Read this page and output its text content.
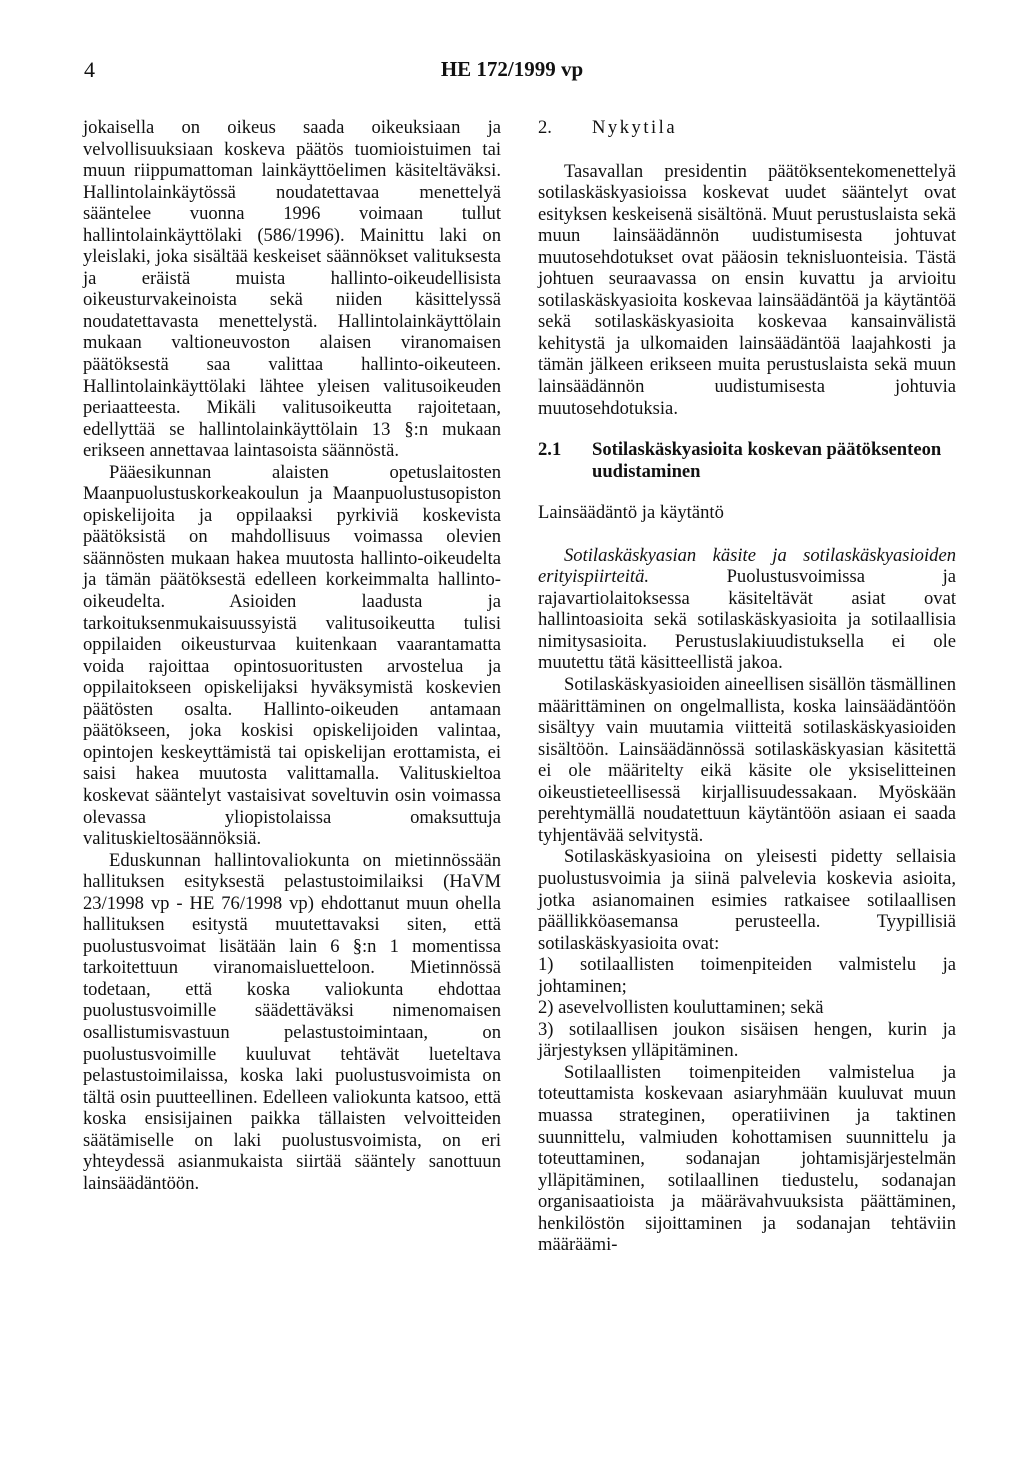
4	HE 172/1999 vp

jokaisella on oikeus saada oikeuksiaan ja velvollisuuksiaan koskeva päätös tuomioistuimen tai muun riippumattoman lainkäyttöelimen käsiteltäväksi. Hallintolainkäytössä noudatettavaa menettelyä sääntelee vuonna 1996 voimaan tullut hallintolainkäyttölaki (586/1996). Mainittu laki on yleislaki, joka sisältää keskeiset säännökset valituksesta ja eräistä muista hallinto-oikeudellisista oikeusturvakeinoista sekä niiden käsittelyssä noudatettavasta menettelystä. Hallintolainkäyttölain mukaan valtioneuvoston alaisen viranomaisen päätöksestä saa valittaa hallinto-oikeuteen. Hallintolainkäyttölaki lähtee yleisen valitusoikeuden periaatteesta. Mikäli valitusoikeutta rajoitetaan, edellyttää se hallintolainkäyttölain 13 §:n mukaan erikseen annettavaa laintasoista säännöstä.

Pääesikunnan alaisten opetuslaitosten Maanpuolustuskorkeakoulun ja Maanpuolustusopiston opiskelijoita ja oppilaaksi pyrkiviä koskevista päätöksistä on mahdollisuus voimassa olevien säännösten mukaan hakea muutosta hallinto-oikeudelta ja tämän päätöksestä edelleen korkeimmalta hallinto-oikeudelta. Asioiden laadusta ja tarkoituksenmukaisuussyistä valitusoikeutta tulisi oppilaiden oikeusturvaa kuitenkaan vaarantamatta voida rajoittaa opintosuoritusten arvostelua ja oppilaitokseen opiskelijaksi hyväksymistä koskevien päätösten osalta. Hallinto-oikeuden antamaan päätökseen, joka koskisi opiskelijoiden valintaa, opintojen keskeyttämistä tai opiskelijan erottamista, ei saisi hakea muutosta valittamalla. Valituskieltoa koskevat sääntelyt vastaisivat soveltuvin osin voimassa olevassa yliopistolaissa omaksuttuja valituskieltosäännöksiä.

Eduskunnan hallintovaliokunta on mietinnössään hallituksen esityksestä pelastustoimilaiksi (HaVM 23/1998 vp - HE 76/1998 vp) ehdottanut muun ohella hallituksen esitystä muutettavaksi siten, että puolustusvoimat lisätään lain 6 §:n 1 momentissa tarkoitettuun viranomaisluetteloon. Mietinnössä todetaan, että koska valiokunta ehdottaa puolustusvoimille säädettäväksi nimenomaisen osallistumisvastuun pelastustoimintaan, on puolustusvoimille kuuluvat tehtävät lueteltava pelastustoimilaissa, koska laki puolustusvoimista on tältä osin puutteellinen. Edelleen valiokunta katsoo, että koska ensisijainen paikka tällaisten velvoitteiden säätämiselle on laki puolustusvoimista, on eri yhteydessä asianmukaista siirtää sääntely sanottuun lainsäädäntöön.

2. Nykytila

Tasavallan presidentin päätöksentekomenettelyä sotilaskäskyasioissa koskevat uudet sääntelyt ovat esityksen keskeisenä sisältönä. Muut perustuslaista sekä muun lainsäädännön uudistumisesta johtuvat muutosehdotukset ovat pääosin teknisluonteisia. Tästä johtuen seuraavassa on ensin kuvattu ja arvioitu sotilaskäskyasioita koskevaa lainsäädäntöä ja käytäntöä sekä sotilaskäskyasioita koskevaa kansainvälistä kehitystä ja ulkomaiden lainsäädäntöä laajahkosti ja tämän jälkeen erikseen muita perustuslaista sekä muun lainsäädännön uudistumisesta johtuvia muutosehdotuksia.

2.1	Sotilaskäskyasioita koskevan päätöksenteon uudistaminen
Lainsäädäntö ja käytäntö

Sotilaskäskyasian käsite ja sotilaskäskyasioiden erityispiirteitä. Puolustusvoimissa ja rajavartiolaitoksessa käsiteltävät asiat ovat hallintoasioita sekä sotilaskäskyasioita ja sotilaallisia nimitysasioita. Perustuslakiuudistuksella ei ole muutettu tätä käsitteellistä jakoa.

Sotilaskäskyasioiden aineellisen sisällön täsmällinen määrittäminen on ongelmallista, koska lainsäädäntöön sisältyy vain muutamia viitteitä sotilaskäskyasioiden sisältöön. Lainsäädännössä sotilaskäskyasian käsitettä ei ole määritelty eikä käsite ole yksiselitteinen oikeustieteellisessä kirjallisuudessakaan. Myöskään perehtymällä noudatettuun käytäntöön asiaan ei saada tyhjentävää selvitystä.

Sotilaskäskyasioina on yleisesti pidetty sellaisia puolustusvoimia ja siinä palvelevia koskevia asioita, jotka asianomainen esimies ratkaisee sotilaallisen päällikköasemansa perusteella. Tyypillisiä sotilaskäskyasioita ovat:

1) sotilaallisten toimenpiteiden valmistelu ja johtaminen;

2) asevelvollisten kouluttaminen; sekä

3) sotilaallisen joukon sisäisen hengen, kurin ja järjestyksen ylläpitäminen.

Sotilaallisten toimenpiteiden valmistelua ja toteuttamista koskevaan asiaryhmään kuuluvat muun muassa strateginen, operatiivinen ja taktinen suunnittelu, valmiuden kohottamisen suunnittelu ja toteuttaminen, sodanajan johtamisjärjestelmän ylläpitäminen, sotilaallinen tiedustelu, sodanajan organisaatioista ja määrävahvuuksista päättäminen, henkilöstön sijoittaminen ja sodanajan tehtäviin määräämi-
